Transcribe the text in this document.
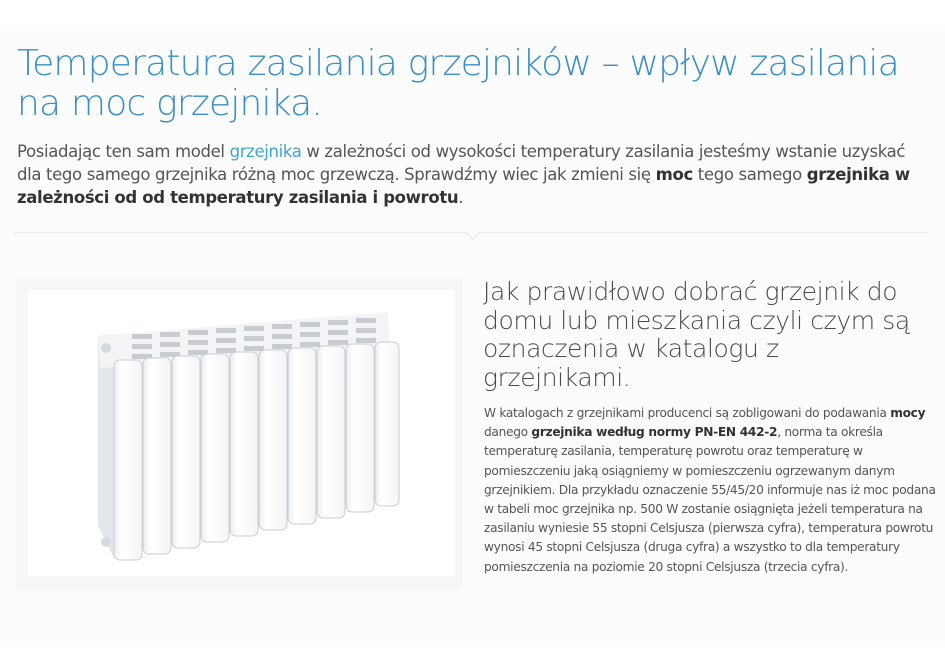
Temperatura zasilania grzejników – wpływ zasilania na moc grzejnika.

Posiadając ten sam model grzejnika w zależności od wysokości temperatury zasilania jesteśmy wstanie uzyskać dla tego samego grzejnika różną moc grzewczą. Sprawdźmy wiec jak zmieni się moc tego samego grzejnika w zależności od od temperatury zasilania i powrotu.

Jak prawidłowo dobrać grzejnik do domu lub mieszkania czyli czym są oznaczenia w katalogu z grzejnikami.

W katalogach z grzejnikami producenci są zobligowani do podawania mocy danego grzejnika według normy PN-EN 442-2, norma ta określa temperaturę zasilania, temperaturę powrotu oraz temperaturę w pomieszczeniu jaką osiągniemy w pomieszczeniu ogrzewanym danym grzejnikiem. Dla przykładu oznaczenie 55/45/20 informuje nas iż moc podana w tabeli moc grzejnika np. 500 W zostanie osiągnięta jeżeli temperatura na zasilaniu wyniesie 55 stopni Celsjusza (pierwsza cyfra), temperatura powrotu wynosi 45 stopni Celsjusza (druga cyfra) a wszystko to dla temperatury pomieszczenia na poziomie 20 stopni Celsjusza (trzecia cyfra).
